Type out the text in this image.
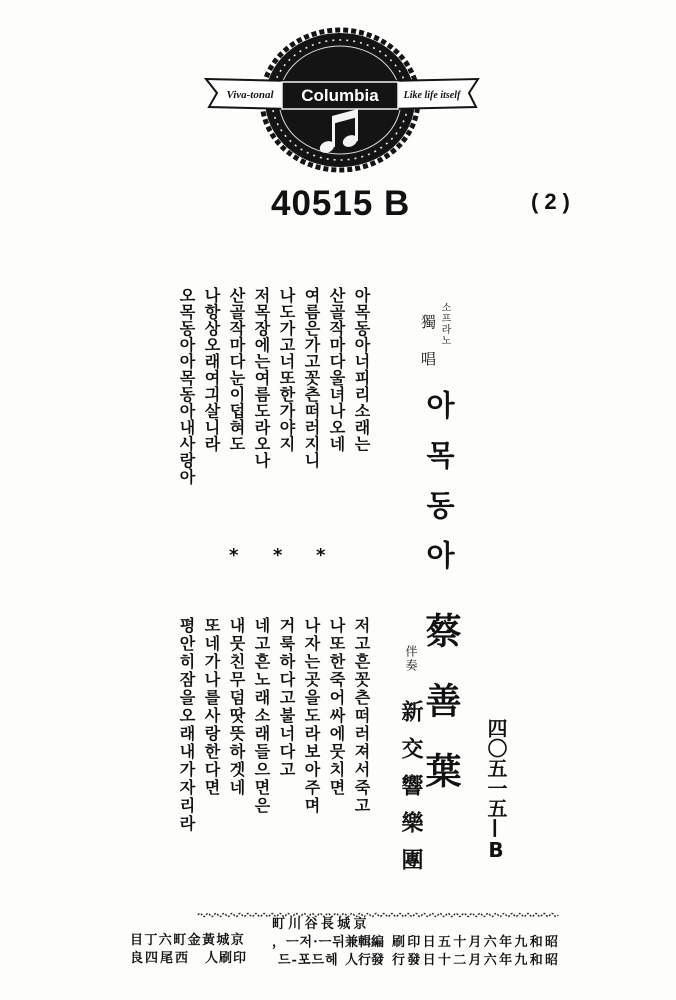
Viva-tonal Columbia Like life itself
40515 B	(2)
소프라노
獨唱
아목동아
蔡善葉
伴奏
新交響樂團	四〇五一五—B
아목동아너피리소래는
산골작마다울녀나오네
여름은가고꼿츤떠러지니
나도가고너또한가야지
저목장에는여름도라오나
산골작마다눈이덥혀도
나항상오래여긔살니라
오목동아아목동아내사랑아
*
*
*
저고흔꼿츤떠러져서죽고
나또한죽어싸에뭇치면
나자는곳을도라보아주며
거룩하다고불너다고
네고흔노래소래들으면은
내뭇친무덤땃뜻하겟네
또네가나를사랑한다면
평안히잠을오래내가자리라
刷印日五十月六年九和昭
行發日十二月六年九和昭
町川谷長城京
，ㅡ저·ㅡ뒤 兼輯編
드-포드헤 人行發
目丁六町金黃城京
良四尾西 人刷印
